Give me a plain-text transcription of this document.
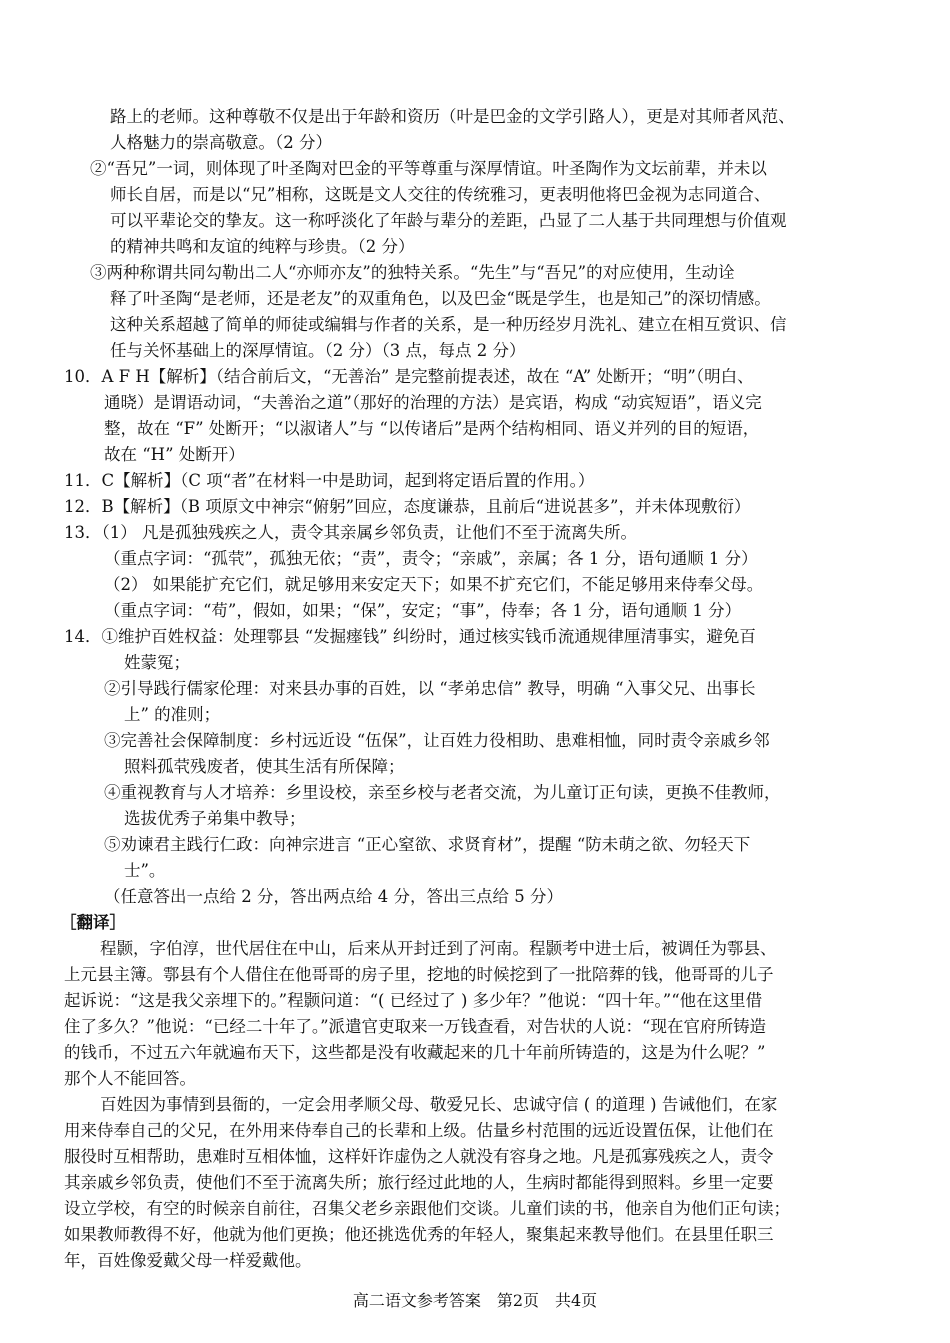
路上的老师。这种尊敬不仅是出于年龄和资历（叶是巴金的文学引路人），更是对其师者风范、
人格魅力的崇高敬意。（2 分）
②“吾兄”一词，则体现了叶圣陶对巴金的平等尊重与深厚情谊。叶圣陶作为文坛前辈，并未以
师长自居，而是以“兄”相称，这既是文人交往的传统雅习，更表明他将巴金视为志同道合、
可以平辈论交的挚友。这一称呼淡化了年龄与辈分的差距，凸显了二人基于共同理想与价值观
的精神共鸣和友谊的纯粹与珍贵。（2 分）
③两种称谓共同勾勒出二人“亦师亦友”的独特关系。“先生”与“吾兄”的对应使用，生动诠
释了叶圣陶“是老师，还是老友”的双重角色，以及巴金“既是学生，也是知己”的深切情感。
这种关系超越了简单的师徒或编辑与作者的关系，是一种历经岁月洗礼、建立在相互赏识、信
任与关怀基础上的深厚情谊。（2 分）（3 点，每点 2 分）
10．A F H【解析】（结合前后文，“无善治” 是完整前提表述，故在 “A” 处断开；“明”（明白、
通晓）是谓语动词，“夫善治之道”（那好的治理的方法）是宾语，构成 “动宾短语”，语义完
整，故在 “F” 处断开；“以淑诸人”与 “以传诸后”是两个结构相同、语义并列的目的短语，
故在 “H” 处断开）
11．C【解析】（C 项“者”在材料一中是助词，起到将定语后置的作用。）
12．B【解析】（B 项原文中神宗“俯躬”回应，态度谦恭，且前后“进说甚多”，并未体现敷衍）
13．（1） 凡是孤独残疾之人，责令其亲属乡邻负责，让他们不至于流离失所。
（重点字词：“孤茕”，孤独无依；“责”，责令；“亲戚”，亲属；各 1 分，语句通顺 1 分）
（2） 如果能扩充它们，就足够用来安定天下；如果不扩充它们，不能足够用来侍奉父母。
（重点字词：“苟”，假如，如果；“保”，安定；“事”，侍奉；各 1 分，语句通顺 1 分）
14．①维护百姓权益：处理鄠县 “发掘瘗钱” 纠纷时，通过核实钱币流通规律厘清事实，避免百
姓蒙冤；
②引导践行儒家伦理：对来县办事的百姓，以 “孝弟忠信” 教导，明确 “入事父兄、出事长
上” 的准则；
③完善社会保障制度：乡村远近设 “伍保”，让百姓力役相助、患难相恤，同时责令亲戚乡邻
照料孤茕残废者，使其生活有所保障；
④重视教育与人才培养：乡里设校，亲至乡校与老者交流，为儿童订正句读，更换不佳教师，
选拔优秀子弟集中教导；
⑤劝谏君主践行仁政：向神宗进言 “正心窒欲、求贤育材”，提醒 “防未萌之欲、勿轻天下
士”。
（任意答出一点给 2 分，答出两点给 4 分，答出三点给 5 分）
［翻译］
程颢，字伯淳，世代居住在中山，后来从开封迁到了河南。程颢考中进士后，被调任为鄠县、
上元县主簿。鄠县有个人借住在他哥哥的房子里，挖地的时候挖到了一批陪葬的钱，他哥哥的儿子
起诉说：“这是我父亲埋下的。”程颢问道：“( 已经过了 ) 多少年？”他说：“四十年。”“他在这里借
住了多久？”他说：“已经二十年了。”派遣官吏取来一万钱查看，对告状的人说：“现在官府所铸造
的钱币，不过五六年就遍布天下，这些都是没有收藏起来的几十年前所铸造的，这是为什么呢？”
那个人不能回答。
百姓因为事情到县衙的，一定会用孝顺父母、敬爱兄长、忠诚守信 ( 的道理 ) 告诫他们，在家
用来侍奉自己的父兄，在外用来侍奉自己的长辈和上级。估量乡村范围的远近设置伍保，让他们在
服役时互相帮助，患难时互相体恤，这样奸诈虚伪之人就没有容身之地。凡是孤寡残疾之人，责令
其亲戚乡邻负责，使他们不至于流离失所；旅行经过此地的人，生病时都能得到照料。乡里一定要
设立学校，有空的时候亲自前往，召集父老乡亲跟他们交谈。儿童们读的书，他亲自为他们正句读；
如果教师教得不好，他就为他们更换；他还挑选优秀的年轻人，聚集起来教导他们。在县里任职三
年，百姓像爱戴父母一样爱戴他。
高二语文参考答案　第2页　共4页
